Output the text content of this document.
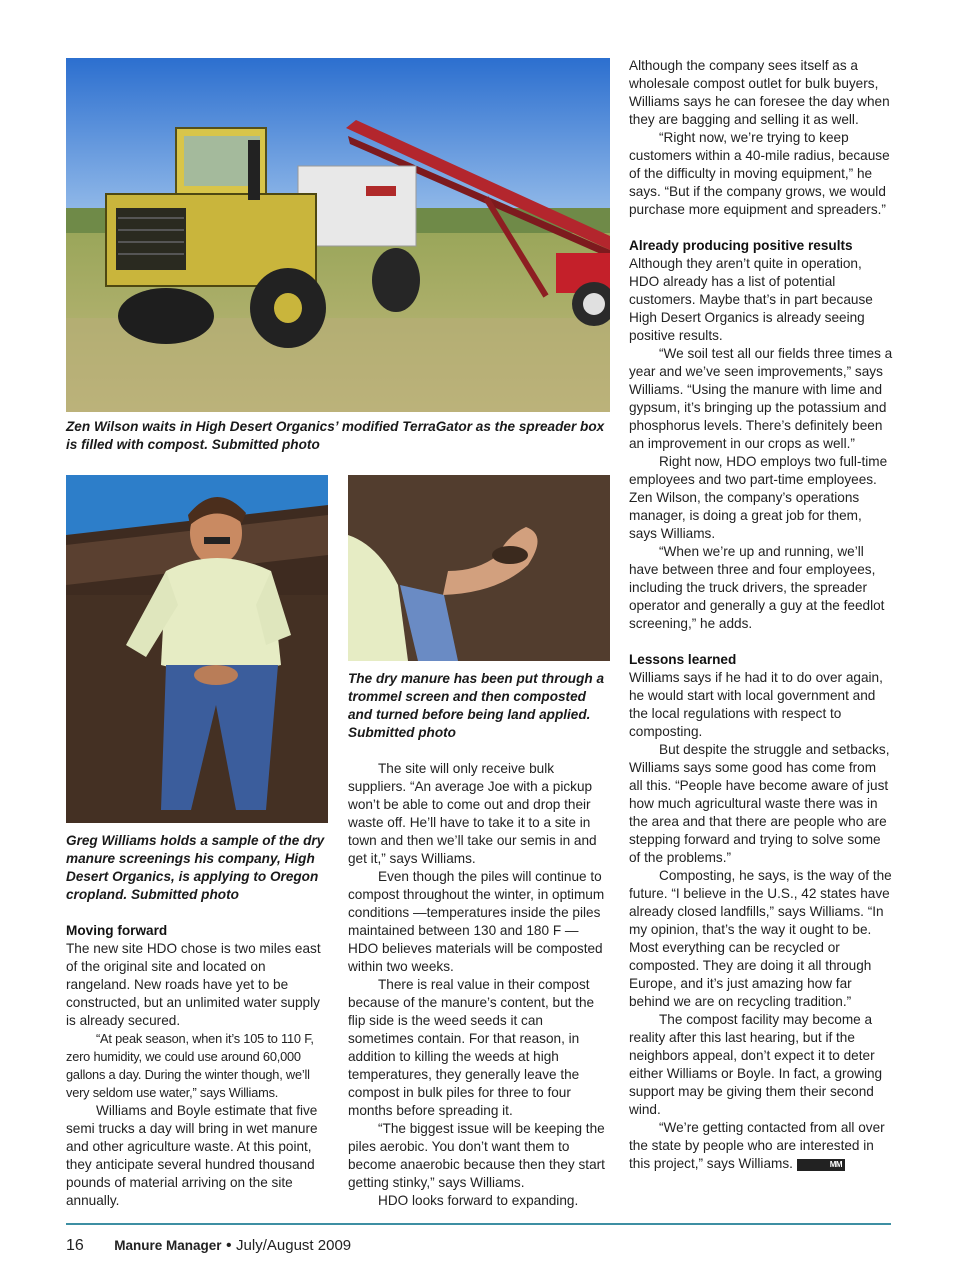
Zen Wilson waits in High Desert Organics’ modified TerraGator as the spreader box is filled with compost. Submitted photo

Greg Williams holds a sample of the dry manure screenings his company, High Desert Organics, is applying to Oregon cropland. Submitted photo

The dry manure has been put through a trommel screen and then composted and turned before being land applied. Submitted photo

Moving forward

The new site HDO chose is two miles east of the original site and located on rangeland. New roads have yet to be constructed, but an unlimited water supply is already secured.

“At peak season, when it’s 105 to 110 F, zero humidity, we could use around 60,000 gallons a day. During the winter though, we’ll very seldom use water,” says Williams.

Williams and Boyle estimate that five semi trucks a day will bring in wet manure and other agriculture waste. At this point, they anticipate several hundred thousand pounds of material arriving on the site annually.

The site will only receive bulk suppliers. “An average Joe with a pickup won’t be able to come out and drop their waste off. He’ll have to take it to a site in town and then we’ll take our semis in and get it,” says Williams.

Even though the piles will continue to compost throughout the winter, in optimum conditions —temperatures inside the piles maintained between 130 and 180 F — HDO believes materials will be composted within two weeks.

There is real value in their compost because of the manure’s content, but the flip side is the weed seeds it can sometimes contain. For that reason, in addition to killing the weeds at high temperatures, they generally leave the compost in bulk piles for three to four months before spreading it.

“The biggest issue will be keeping the piles aerobic. You don’t want them to become anaerobic because then they start getting stinky,” says Williams.

HDO looks forward to expanding.

Although the company sees itself as a wholesale compost outlet for bulk buyers, Williams says he can foresee the day when they are bagging and selling it as well.

“Right now, we’re trying to keep customers within a 40-mile radius, because of the difficulty in moving equipment,” he says. “But if the company grows, we would purchase more equipment and spreaders.”

Already producing positive results

Although they aren’t quite in operation, HDO already has a list of potential customers. Maybe that’s in part because High Desert Organics is already seeing positive results.

“We soil test all our fields three times a year and we’ve seen improvements,” says Williams. “Using the manure with lime and gypsum, it’s bringing up the potassium and phosphorus levels. There’s definitely been an improvement in our crops as well.”

Right now, HDO employs two full-time employees and two part-time employees. Zen Wilson, the company’s operations manager, is doing a great job for them, says Williams.

“When we’re up and running, we’ll have between three and four employees, including the truck drivers, the spreader operator and generally a guy at the feedlot screening,” he adds.

Lessons learned

Williams says if he had it to do over again, he would start with local government and the local regulations with respect to composting.

But despite the struggle and setbacks, Williams says some good has come from all this. “People have become aware of just how much agricultural waste there was in the area and that there are people who are stepping forward and trying to solve some of the problems.”

Composting, he says, is the way of the future. “I believe in the U.S., 42 states have already closed landfills,” says Williams. “In my opinion, that’s the way it ought to be. Most everything can be recycled or composted. They are doing it all through Europe, and it’s just amazing how far behind we are on recycling tradition.”

The compost facility may become a reality after this last hearing, but if the neighbors appeal, don’t expect it to deter either Williams or Boyle. In fact, a growing support may be giving them their second wind.

“We’re getting contacted from all over the state by people who are interested in this project,” says Williams.	MM

16 Manure Manager • July/August 2009
